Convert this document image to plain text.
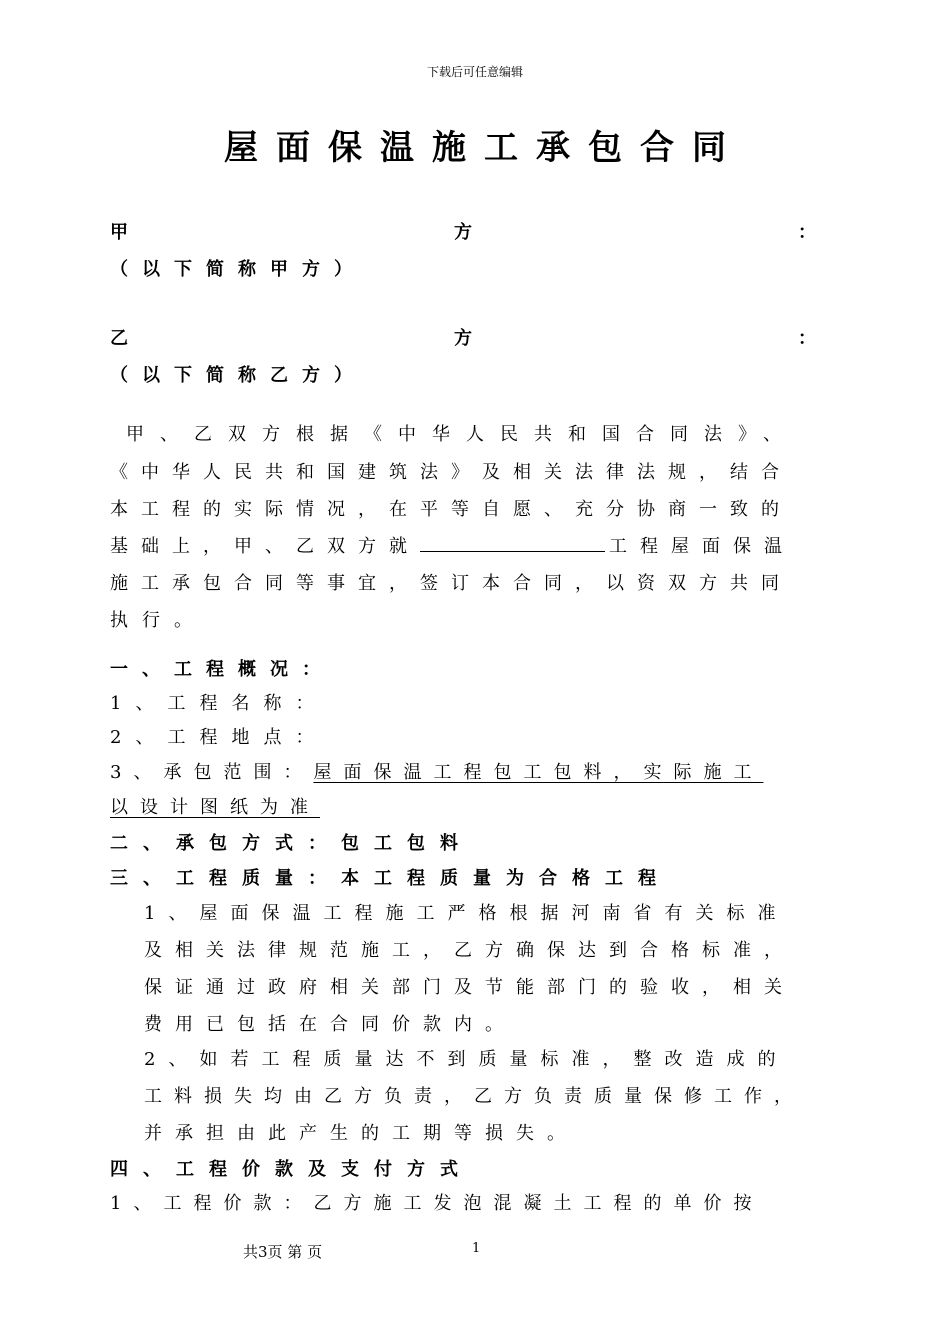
下载后可任意编辑
屋面保温施工承包合同
甲	方	：
（以下简称甲方）
乙	方	：
（以下简称乙方）
甲、乙双方根据《中华人民共和国合同法》、
《中华人民共和国建筑法》及相关法律法规，结合
本工程的实际情况，在平等自愿、充分协商一致的
基础上，甲、乙双方就	工程屋面保温
施工承包合同等事宜，签订本合同，以资双方共同
执行。
一、工程概况：
1、工程名称：
2、工程地点：
3、承包范围：屋面保温工程包工包料，实际施工
以设计图纸为准
二、承包方式：包工包料
三、工程质量：本工程质量为合格工程
1、屋面保温工程施工严格根据河南省有关标准
及相关法律规范施工，乙方确保达到合格标准，
保证通过政府相关部门及节能部门的验收，相关
费用已包括在合同价款内。
2、如若工程质量达不到质量标准，整改造成的
工料损失均由乙方负责，乙方负责质量保修工作，
并承担由此产生的工期等损失。
四、工程价款及支付方式
1、工程价款：乙方施工发泡混凝土工程的单价按
共3页 第 页	1
